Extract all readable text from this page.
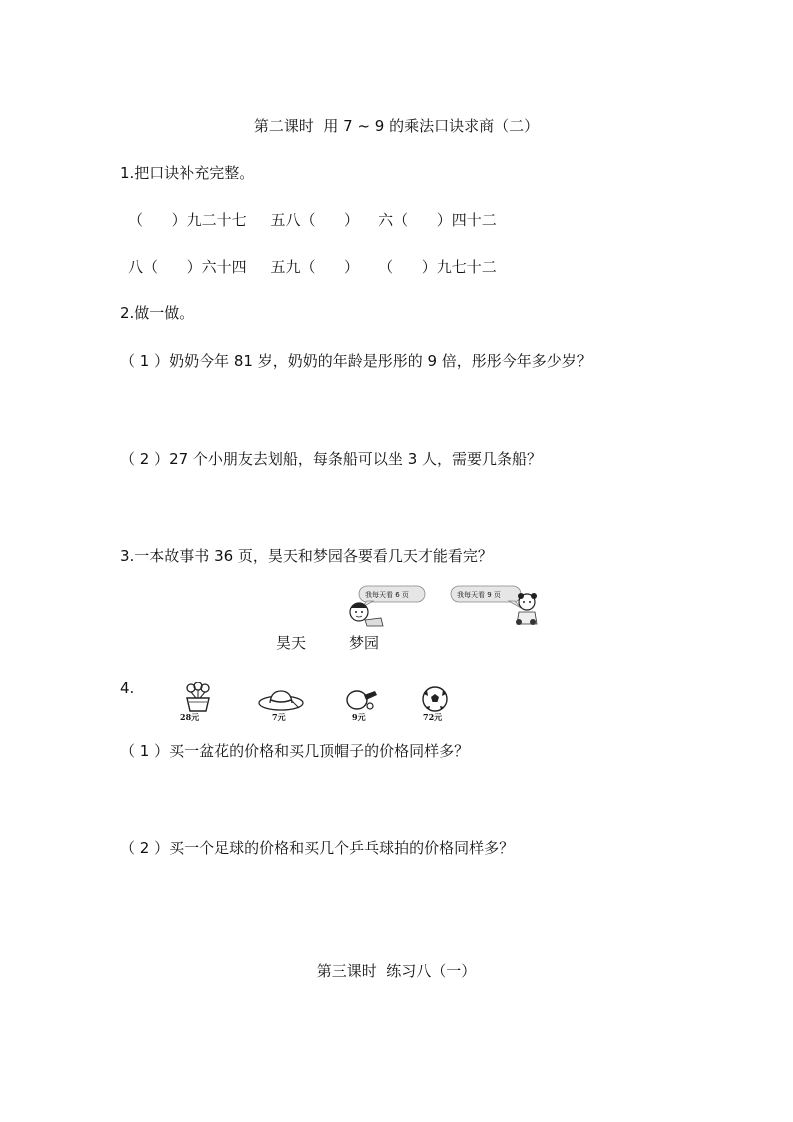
第二课时  用 7 ~ 9 的乘法口诀求商（二）
1.把口诀补充完整。
（      ）九二十七     五八（      ）    六（      ）四十二
八（      ）六十四     五九（      ）    （      ）九七十二
2.做一做。
（ 1 ）奶奶今年 81 岁，奶奶的年龄是彤彤的 9 倍，彤彤今年多少岁？
（ 2 ）27 个小朋友去划船，每条船可以坐 3 人，需要几条船？
3.一本故事书 36 页，昊天和梦园各要看几天才能看完？
我每天看 6 页	我每天看 9 页
昊天	梦园
4.
28元	7元	9元	72元
（ 1 ）买一盆花的价格和买几顶帽子的价格同样多？
（ 2 ）买一个足球的价格和买几个乒乓球拍的价格同样多？
第三课时  练习八（一）
